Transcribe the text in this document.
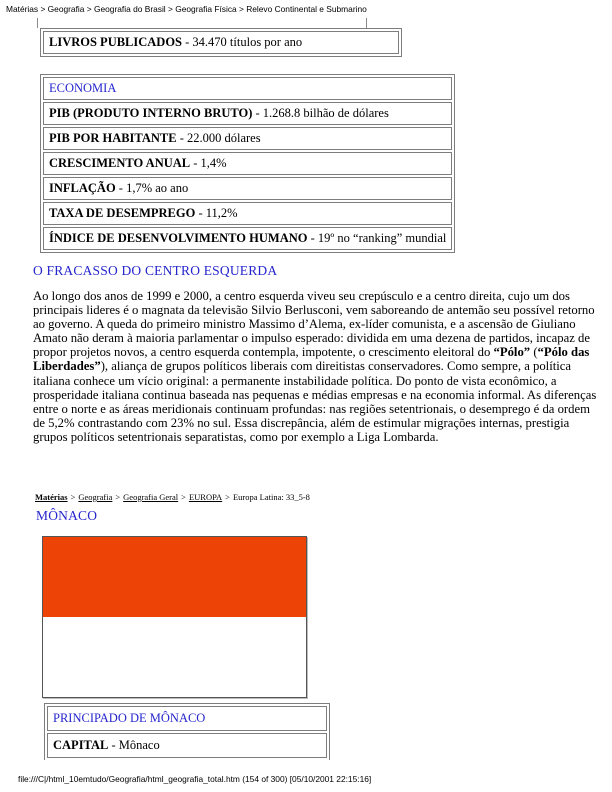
Matérias > Geografia > Geografia do Brasil > Geografia Física > Relevo Continental e Submarino
LIVROS PUBLICADOS - 34.470 títulos por ano
ECONOMIA
PIB (PRODUTO INTERNO BRUTO) - 1.268.8 bilhão de dólares
PIB POR HABITANTE - 22.000 dólares
CRESCIMENTO ANUAL - 1,4%
INFLAÇÃO - 1,7% ao ano
TAXA DE DESEMPREGO - 11,2%
ÍNDICE DE DESENVOLVIMENTO HUMANO - 19º no “ranking” mundial
O FRACASSO DO CENTRO ESQUERDA

Ao longo dos anos de 1999 e 2000, a centro esquerda viveu seu crepúsculo e a centro direita, cujo um dos principais lideres é o magnata da televisão Silvio Berlusconi, vem saboreando de antemão seu possível retorno ao governo. A queda do primeiro ministro Massimo d’Alema, ex-líder comunista, e a ascensão de Giuliano Amato não deram à maioria parlamentar o impulso esperado: dividida em uma dezena de partidos, incapaz de propor projetos novos, a centro esquerda contempla, impotente, o crescimento eleitoral do “Pólo” (“Pólo das Liberdades”), aliança de grupos políticos liberais com direitistas conservadores. Como sempre, a política italiana conhece um vício original: a permanente instabilidade política. Do ponto de vista econômico, a prosperidade italiana continua baseada nas pequenas e médias empresas e na economia informal. As diferenças entre o norte e as áreas meridionais continuam profundas: nas regiões setentrionais, o desemprego é da ordem de 5,2% contrastando com 23% no sul. Essa discrepância, além de estimular migrações internas, prestigia grupos políticos setentrionais separatistas, como por exemplo a Liga Lombarda.

Matérias > Geografia > Geografia Geral > EUROPA > Europa Latina: 33_5-8
MÔNACO
PRINCIPADO DE MÔNACO
CAPITAL - Mônaco
file:///C|/html_10emtudo/Geografia/html_geografia_total.htm (154 of 300) [05/10/2001 22:15:16]
